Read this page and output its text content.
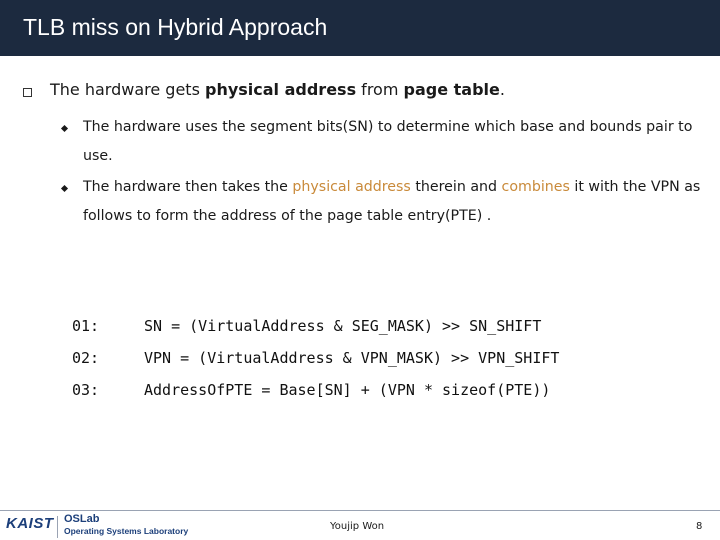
TLB miss on Hybrid Approach
The hardware gets physical address from page table.
The hardware uses the segment bits(SN) to determine which base and bounds pair to use.
The hardware then takes the physical address therein and combines it with the VPN as follows to form the address of the page table entry(PTE) .
01:	SN = (VirtualAddress & SEG_MASK) >> SN_SHIFT
02:	VPN = (VirtualAddress & VPN_MASK) >> VPN_SHIFT
03:	AddressOfPTE = Base[SN] + (VPN * sizeof(PTE))
KAIST OSLab
Operating Systems Laboratory	Youjip Won	8
